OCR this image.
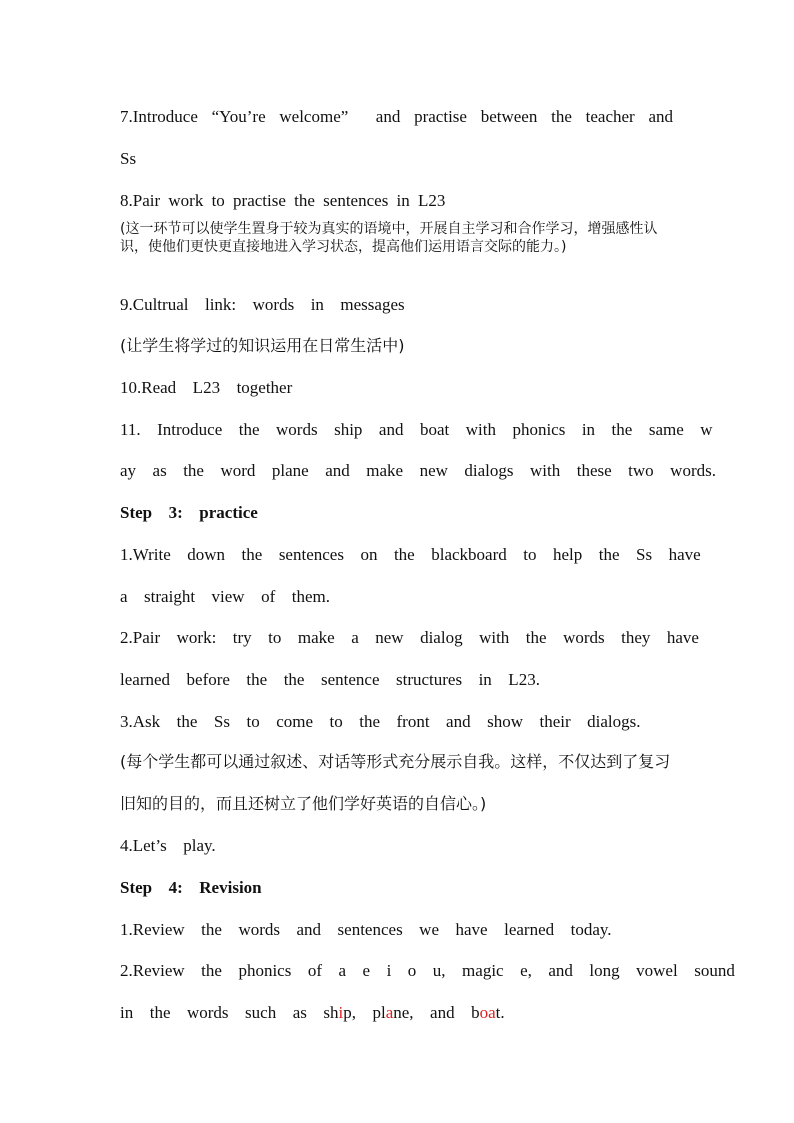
7.Introduce “You’re welcome”  and practise between the teacher and
Ss
8.Pair work to practise the sentences in L23
(这一环节可以使学生置身于较为真实的语境中，开展自主学习和合作学习，增强感性认识，使他们更快更直接地进入学习状态，提高他们运用语言交际的能力。)
9.Cultrual  link:  words  in  messages
(让学生将学过的知识运用在日常生活中)
10.Read  L23  together
11.  Introduce  the  words  ship  and  boat  with  phonics  in  the  same  w
ay  as  the  word  plane  and  make  new  dialogs  with  these  two  words.
Step  3:  practice
1.Write  down  the  sentences  on  the  blackboard  to  help  the  Ss  have
a  straight  view  of  them.
2.Pair  work:  try  to  make  a  new  dialog  with  the  words  they  have
learned  before  the  the  sentence  structures  in  L23.
3.Ask  the  Ss  to  come  to  the  front  and  show  their  dialogs.
(每个学生都可以通过叙述、对话等形式充分展示自我。这样，不仅达到了复习
旧知的目的，而且还树立了他们学好英语的自信心。)
4.Let’s  play.
Step  4:  Revision
1.Review  the  words  and  sentences  we  have  learned  today.
2.Review  the  phonics  of  a  e  i  o  u,  magic  e,  and  long  vowel  sound
in  the  words  such  as  ship,  plane,  and  boat.
